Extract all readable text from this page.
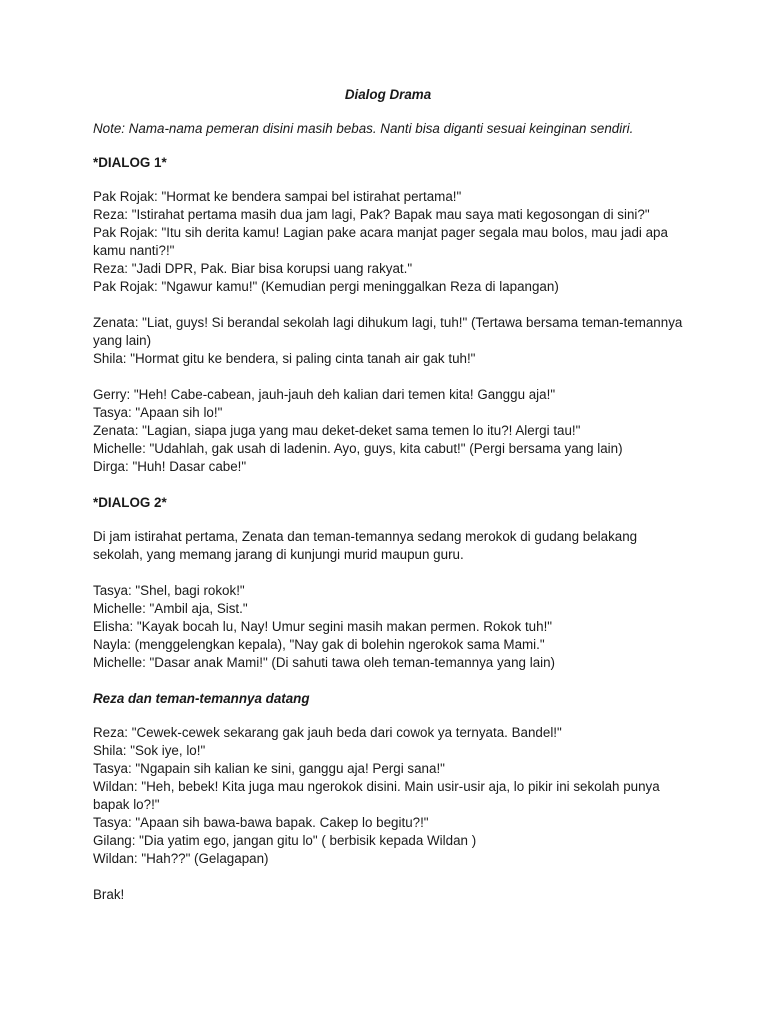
Dialog Drama

Note: Nama-nama pemeran disini masih bebas. Nanti bisa diganti sesuai keinginan sendiri.

*DIALOG 1*

Pak Rojak: "Hormat ke bendera sampai bel istirahat pertama!"

Reza: "Istirahat pertama masih dua jam lagi, Pak? Bapak mau saya mati kegosongan di sini?"

Pak Rojak: "Itu sih derita kamu! Lagian pake acara manjat pager segala mau bolos, mau jadi apa kamu nanti?!"

Reza: "Jadi DPR, Pak. Biar bisa korupsi uang rakyat."

Pak Rojak: "Ngawur kamu!" (Kemudian pergi meninggalkan Reza di lapangan)

Zenata: "Liat, guys! Si berandal sekolah lagi dihukum lagi, tuh!" (Tertawa bersama teman-temannya yang lain)

Shila: "Hormat gitu ke bendera, si paling cinta tanah air gak tuh!"

Gerry: "Heh! Cabe-cabean, jauh-jauh deh kalian dari temen kita! Ganggu aja!"

Tasya: "Apaan sih lo!"

Zenata: "Lagian, siapa juga yang mau deket-deket sama temen lo itu?! Alergi tau!"

Michelle: "Udahlah, gak usah di ladenin. Ayo, guys, kita cabut!" (Pergi bersama yang lain)

Dirga: "Huh! Dasar cabe!"

*DIALOG 2*

Di jam istirahat pertama, Zenata dan teman-temannya sedang merokok di gudang belakang sekolah, yang memang jarang di kunjungi murid maupun guru.

Tasya: "Shel, bagi rokok!"

Michelle: "Ambil aja, Sist."

Elisha: "Kayak bocah lu, Nay! Umur segini masih makan permen. Rokok tuh!"

Nayla: (menggelengkan kepala), "Nay gak di bolehin ngerokok sama Mami."

Michelle: "Dasar anak Mami!" (Di sahuti tawa oleh teman-temannya yang lain)

Reza dan teman-temannya datang

Reza: "Cewek-cewek sekarang gak jauh beda dari cowok ya ternyata. Bandel!"

Shila: "Sok iye, lo!"

Tasya: "Ngapain sih kalian ke sini, ganggu aja! Pergi sana!"

Wildan: "Heh, bebek! Kita juga mau ngerokok disini. Main usir-usir aja, lo pikir ini sekolah punya bapak lo?!"

Tasya: "Apaan sih bawa-bawa bapak. Cakep lo begitu?!"

Gilang: "Dia yatim ego, jangan gitu lo" ( berbisik kepada Wildan )

Wildan: "Hah??" (Gelagapan)

Brak!
